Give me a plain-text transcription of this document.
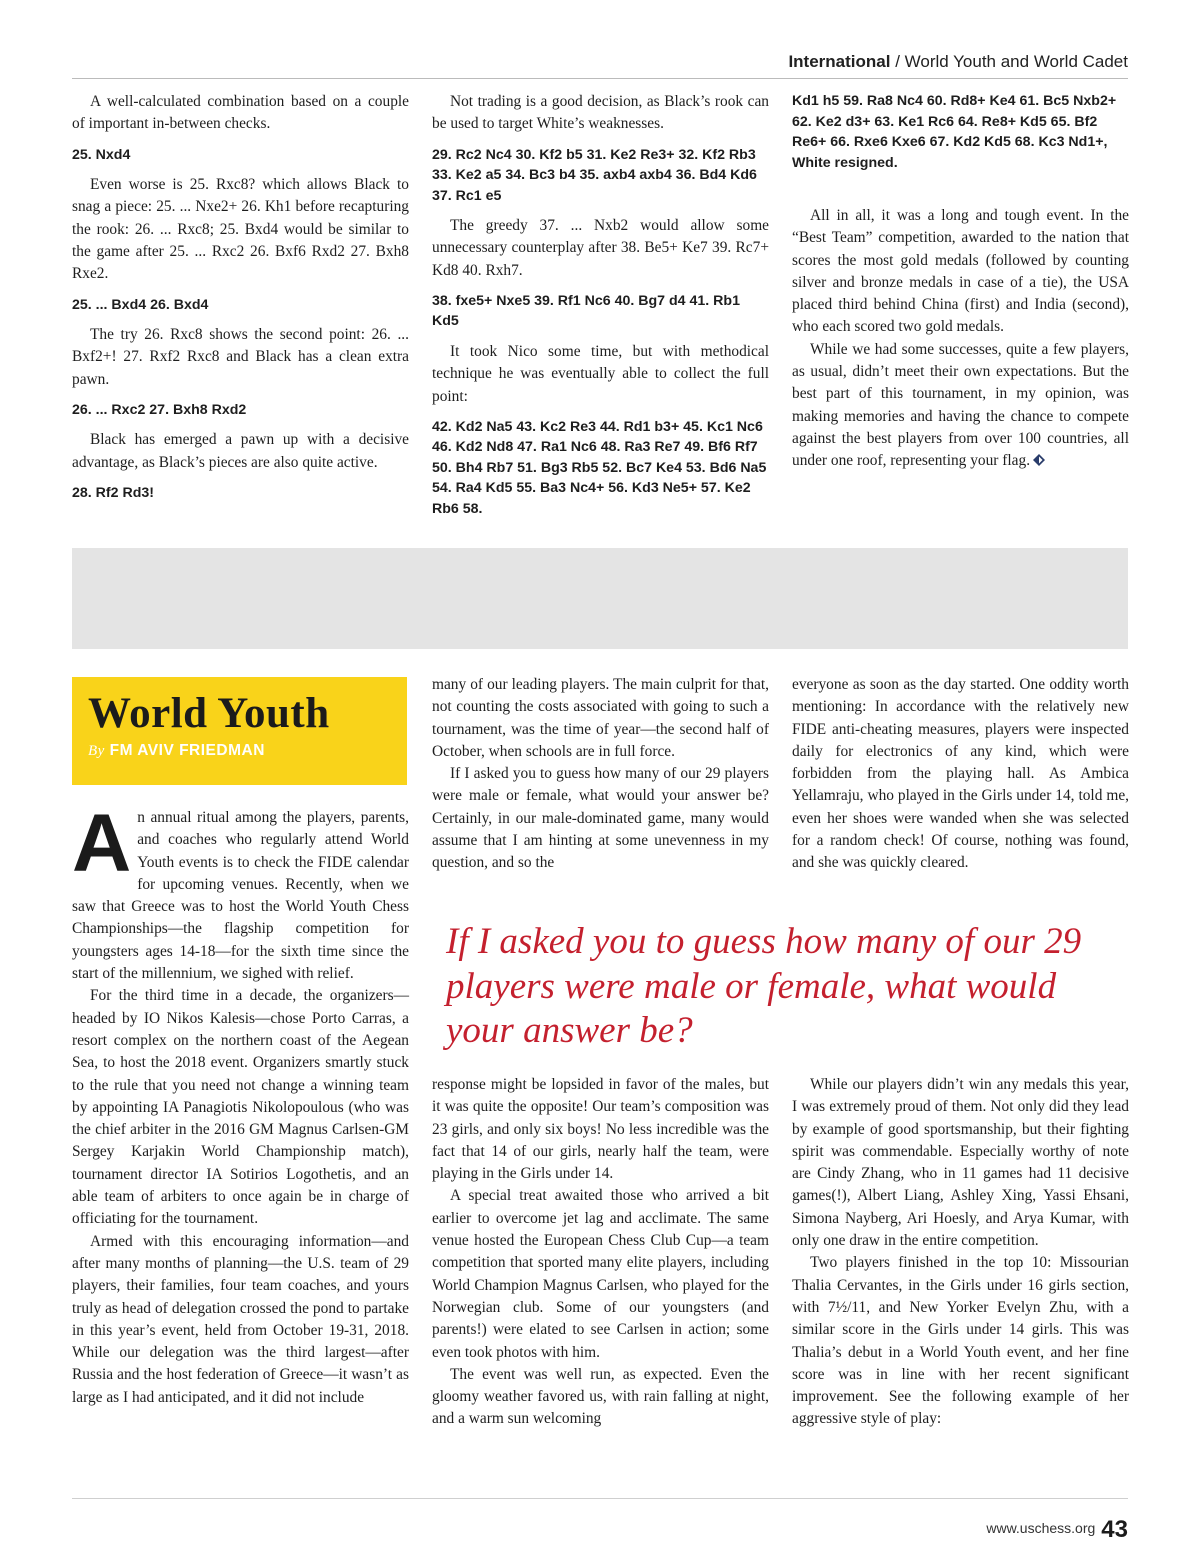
International / World Youth and World Cadet

A well-calculated combination based on a couple of important in-between checks.

25. Nxd4

Even worse is 25. Rxc8? which allows Black to snag a piece: 25. ... Nxe2+ 26. Kh1 before recapturing the rook: 26. ... Rxc8; 25. Bxd4 would be similar to the game after 25. ... Rxc2 26. Bxf6 Rxd2 27. Bxh8 Rxe2.

25. ... Bxd4 26. Bxd4

The try 26. Rxc8 shows the second point: 26. ... Bxf2+! 27. Rxf2 Rxc8 and Black has a clean extra pawn.

26. ... Rxc2 27. Bxh8 Rxd2

Black has emerged a pawn up with a decisive advantage, as Black’s pieces are also quite active.

28. Rf2 Rd3!

Not trading is a good decision, as Black’s rook can be used to target White’s weaknesses.

29. Rc2 Nc4 30. Kf2 b5 31. Ke2 Re3+ 32. Kf2 Rb3 33. Ke2 a5 34. Bc3 b4 35. axb4 axb4 36. Bd4 Kd6 37. Rc1 e5

The greedy 37. ... Nxb2 would allow some unnecessary counterplay after 38. Be5+ Ke7 39. Rc7+ Kd8 40. Rxh7.

38. fxe5+ Nxe5 39. Rf1 Nc6 40. Bg7 d4 41. Rb1 Kd5

It took Nico some time, but with methodical technique he was eventually able to collect the full point:

42. Kd2 Na5 43. Kc2 Re3 44. Rd1 b3+ 45. Kc1 Nc6 46. Kd2 Nd8 47. Ra1 Nc6 48. Ra3 Re7 49. Bf6 Rf7 50. Bh4 Rb7 51. Bg3 Rb5 52. Bc7 Ke4 53. Bd6 Na5 54. Ra4 Kd5 55. Ba3 Nc4+ 56. Kd3 Ne5+ 57. Ke2 Rb6 58.

Kd1 h5 59. Ra8 Nc4 60. Rd8+ Ke4 61. Bc5 Nxb2+ 62. Ke2 d3+ 63. Ke1 Rc6 64. Re8+ Kd5 65. Bf2 Re6+ 66. Rxe6 Kxe6 67. Kd2 Kd5 68. Kc3 Nd1+, White resigned.

All in all, it was a long and tough event. In the “Best Team” competition, awarded to the nation that scores the most gold medals (followed by counting silver and bronze medals in case of a tie), the USA placed third behind China (first) and India (second), who each scored two gold medals.

While we had some successes, quite a few players, as usual, didn’t meet their own expectations. But the best part of this tournament, in my opinion, was making memories and having the chance to compete against the best players from over 100 countries, all under one roof, representing your flag.

World Youth
By FM AVIV FRIEDMAN

An annual ritual among the players, parents, and coaches who regularly attend World Youth events is to check the FIDE calendar for upcoming venues. Recently, when we saw that Greece was to host the World Youth Chess Championships—the flagship competition for youngsters ages 14-18—for the sixth time since the start of the millennium, we sighed with relief.

For the third time in a decade, the organizers—headed by IO Nikos Kalesis—chose Porto Carras, a resort complex on the northern coast of the Aegean Sea, to host the 2018 event. Organizers smartly stuck to the rule that you need not change a winning team by appointing IA Panagiotis Nikolopoulous (who was the chief arbiter in the 2016 GM Magnus Carlsen-GM Sergey Karjakin World Championship match), tournament director IA Sotirios Logothetis, and an able team of arbiters to once again be in charge of officiating for the tournament.

Armed with this encouraging information—and after many months of planning—the U.S. team of 29 players, their families, four team coaches, and yours truly as head of delegation crossed the pond to partake in this year’s event, held from October 19-31, 2018. While our delegation was the third largest—after Russia and the host federation of Greece—it wasn’t as large as I had anticipated, and it did not include

many of our leading players. The main culprit for that, not counting the costs associated with going to such a tournament, was the time of year—the second half of October, when schools are in full force.

If I asked you to guess how many of our 29 players were male or female, what would your answer be? Certainly, in our male-dominated game, many would assume that I am hinting at some unevenness in my question, and so the

everyone as soon as the day started. One oddity worth mentioning: In accordance with the relatively new FIDE anti-cheating measures, players were inspected daily for electronics of any kind, which were forbidden from the playing hall. As Ambica Yellamraju, who played in the Girls under 14, told me, even her shoes were wanded when she was selected for a random check! Of course, nothing was found, and she was quickly cleared.

If I asked you to guess how many of our 29 players were male or female, what would your answer be?

response might be lopsided in favor of the males, but it was quite the opposite! Our team’s composition was 23 girls, and only six boys! No less incredible was the fact that 14 of our girls, nearly half the team, were playing in the Girls under 14.

A special treat awaited those who arrived a bit earlier to overcome jet lag and acclimate. The same venue hosted the European Chess Club Cup—a team competition that sported many elite players, including World Champion Magnus Carlsen, who played for the Norwegian club. Some of our youngsters (and parents!) were elated to see Carlsen in action; some even took photos with him.

The event was well run, as expected. Even the gloomy weather favored us, with rain falling at night, and a warm sun welcoming

While our players didn’t win any medals this year, I was extremely proud of them. Not only did they lead by example of good sportsmanship, but their fighting spirit was commendable. Especially worthy of note are Cindy Zhang, who in 11 games had 11 decisive games(!), Albert Liang, Ashley Xing, Yassi Ehsani, Simona Nayberg, Ari Hoesly, and Arya Kumar, with only one draw in the entire competition.

Two players finished in the top 10: Missourian Thalia Cervantes, in the Girls under 16 girls section, with 7½/11, and New Yorker Evelyn Zhu, with a similar score in the Girls under 14 girls. This was Thalia’s debut in a World Youth event, and her fine score was in line with her recent significant improvement. See the following example of her aggressive style of play:

www.uschess.org 43
